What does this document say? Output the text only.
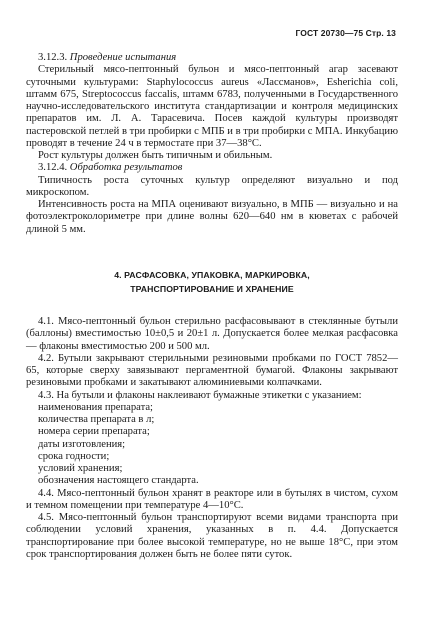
ГОСТ 20730—75 Стр. 13

3.12.3. Проведение испытания

Стерильный мясо-пептонный бульон и мясо-пептонный агар засевают суточными культурами: Staphylococcus aureus «Лассманов», Esherichia coli, штамм 675, Streptococcus faccalis, штамм 6783, полученными в Государственного научно-исследовательского института стандартизации и контроля медицинских препаратов им. Л. А. Тарасевича. Посев каждой культуры производят пастеровской петлей в три пробирки с МПБ и в три пробирки с МПА. Инкубацию проводят в течение 24 ч в термостате при 37—38°С.

Рост культуры должен быть типичным и обильным.

3.12.4. Обработка результатов

Типичность роста суточных культур определяют визуально и под микроскопом.

Интенсивность роста на МПА оценивают визуально, в МПБ — визуально и на фотоэлектроколориметре при длине волны 620—640 нм в кюветах с рабочей длиной 5 мм.

4. РАСФАСОВКА, УПАКОВКА, МАРКИРОВКА,

ТРАНСПОРТИРОВАНИЕ И ХРАНЕНИЕ

4.1. Мясо-пептонный бульон стерильно расфасовывают в стеклянные бутыли (баллоны) вместимостью 10±0,5 и 20±1 л. Допускается более мелкая расфасовка — флаконы вместимостью 200 и 500 мл.

4.2. Бутыли закрывают стерильными резиновыми пробками по ГОСТ 7852—65, которые сверху завязывают пергаментной бумагой. Флаконы закрывают резиновыми пробками и закатывают алюминиевыми колпачками.

4.3. На бутыли и флаконы наклеивают бумажные этикетки с указанием:

наименования препарата;

количества препарата в л;

номера серии препарата;

даты изготовления;

срока годности;

условий хранения;

обозначения настоящего стандарта.

4.4. Мясо-пептонный бульон хранят в реакторе или в бутылях в чистом, сухом и темном помещении при температуре 4—10°С.

4.5. Мясо-пептонный бульон транспортируют всеми видами транспорта при соблюдении условий хранения, указанных в п. 4.4. Допускается транспортирование при более высокой температуре, но не выше 18°С, при этом срок транспортирования должен быть не более пяти суток.
